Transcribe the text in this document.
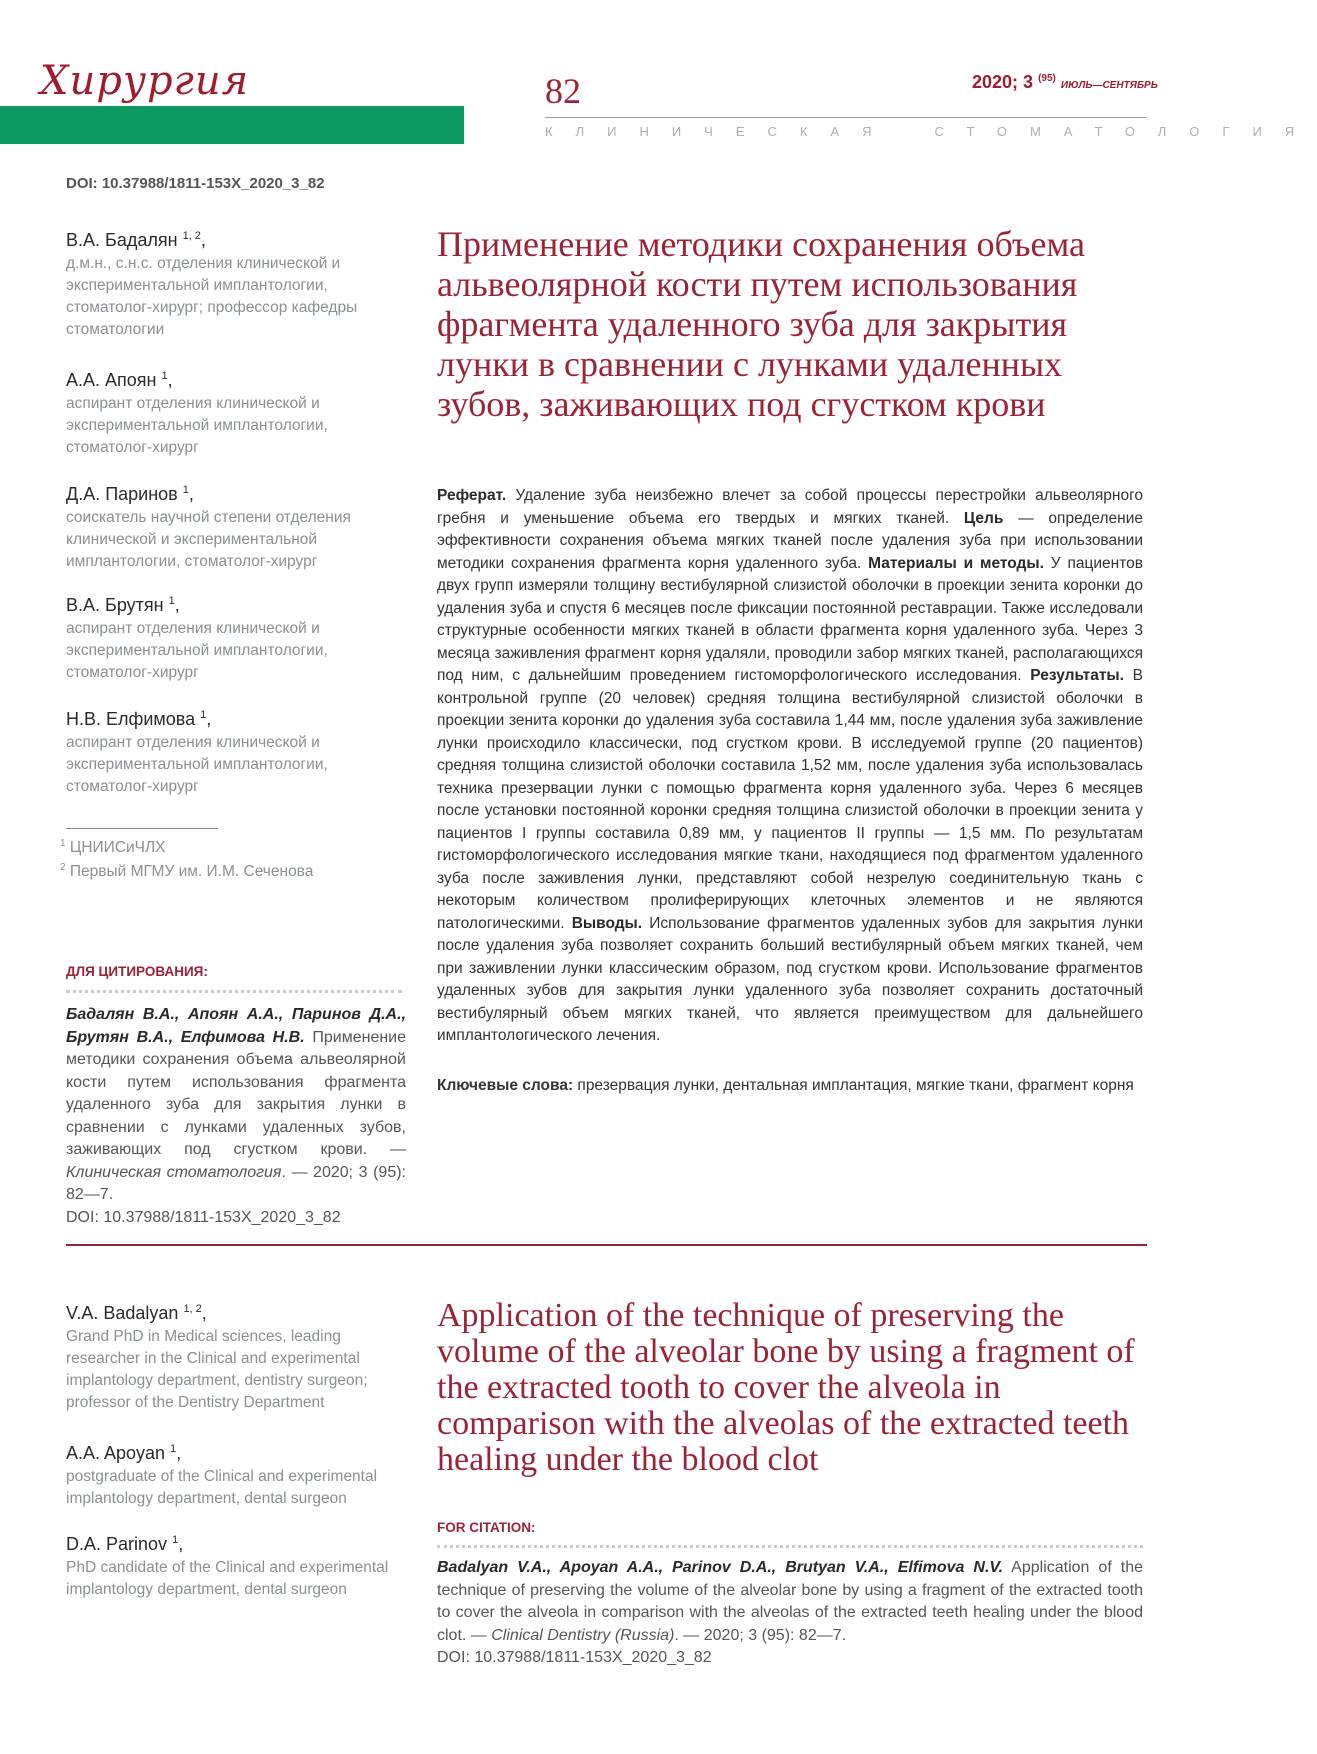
Хирургия	82	2020; 3 $^{(95)}$ ИЮЛЬ—СЕНТЯБРЬ
КЛИНИЧЕСКАЯ	СТОМАТОЛОГИЯ
DOI: 10.37988/1811-153X_2020_3_82
В.А. Бадалян $^{1, 2}$,
д.м.н., с.н.с. отделения клинической и экспериментальной имплантологии, стоматолог-хирург; профессор кафедры стоматологии
А.А. Апоян $^1$,
аспирант отделения клинической и экспериментальной имплантологии, стоматолог-хирург
Д.А. Паринов $^1$,
соискатель научной степени отделения клинической и экспериментальной имплантологии, стоматолог-хирург
В.А. Брутян $^1$,
аспирант отделения клинической и экспериментальной имплантологии, стоматолог-хирург
Н.В. Елфимова $^1$,
аспирант отделения клинической и экспериментальной имплантологии, стоматолог-хирург
$^1$ ЦНИИСиЧЛХ
$^2$ Первый МГМУ им. И.М. Сеченова
ДЛЯ ЦИТИРОВАНИЯ:
Бадалян В.А., Апоян А.А., Паринов Д.А., Брутян В.А., Елфимова Н.В. Применение методики сохранения объема альвеолярной кости путем использования фрагмента удаленного зуба для закрытия лунки в сравнении с лунками удаленных зубов, заживающих под сгустком крови. — Клиническая стоматология. — 2020; 3 (95): 82—7.
DOI: 10.37988/1811-153X_2020_3_82
Применение методики сохранения объема альвеолярной кости путем использования фрагмента удаленного зуба для закрытия лунки в сравнении с лунками удаленных зубов, заживающих под сгустком крови
Реферат. Удаление зуба неизбежно влечет за собой процессы перестройки альвеолярного гребня и уменьшение объема его твердых и мягких тканей. Цель — определение эффективности сохранения объема мягких тканей после удаления зуба при использовании методики сохранения фрагмента корня удаленного зуба. Материалы и методы. У пациентов двух групп измеряли толщину вестибулярной слизистой оболочки в проекции зенита коронки до удаления зуба и спустя 6 месяцев после фиксации постоянной реставрации. Также исследовали структурные особенности мягких тканей в области фрагмента корня удаленного зуба. Через 3 месяца заживления фрагмент корня удаляли, проводили забор мягких тканей, располагающихся под ним, с дальнейшим проведением гистоморфологического исследования. Результаты. В контрольной группе (20 человек) средняя толщина вестибулярной слизистой оболочки в проекции зенита коронки до удаления зуба составила 1,44 мм, после удаления зуба заживление лунки происходило классически, под сгустком крови. В исследуемой группе (20 пациентов) средняя толщина слизистой оболочки составила 1,52 мм, после удаления зуба использовалась техника презервации лунки с помощью фрагмента корня удаленного зуба. Через 6 месяцев после установки постоянной коронки средняя толщина слизистой оболочки в проекции зенита у пациентов I группы составила 0,89 мм, у пациентов II группы — 1,5 мм. По результатам гистоморфологического исследования мягкие ткани, находящиеся под фрагментом удаленного зуба после заживления лунки, представляют собой незрелую соединительную ткань с некоторым количеством пролиферирующих клеточных элементов и не являются патологическими. Выводы. Использование фрагментов удаленных зубов для закрытия лунки после удаления зуба позволяет сохранить больший вестибулярный объем мягких тканей, чем при заживлении лунки классическим образом, под сгустком крови. Использование фрагментов удаленных зубов для закрытия лунки удаленного зуба позволяет сохранить достаточный вестибулярный объем мягких тканей, что является преимуществом для дальнейшего имплантологического лечения.
Ключевые слова: презервация лунки, дентальная имплантация, мягкие ткани, фрагмент корня
V.A. Badalyan $^{1, 2}$,
Grand PhD in Medical sciences, leading researcher in the Clinical and experimental implantology department, dentistry surgeon; professor of the Dentistry Department
A.A. Apoyan $^1$,
postgraduate of the Clinical and experimental implantology department, dental surgeon
D.A. Parinov $^1$,
PhD candidate of the Clinical and experimental implantology department, dental surgeon
Application of the technique of preserving the volume of the alveolar bone by using a fragment of the extracted tooth to cover the alveola in comparison with the alveolas of the extracted teeth healing under the blood clot
FOR CITATION:
Badalyan V.A., Apoyan A.A., Parinov D.A., Brutyan V.A., Elfimova N.V. Application of the technique of preserving the volume of the alveolar bone by using a fragment of the extracted tooth to cover the alveola in comparison with the alveolas of the extracted teeth healing under the blood clot. — Clinical Dentistry (Russia). — 2020; 3 (95): 82—7.
DOI: 10.37988/1811-153X_2020_3_82
